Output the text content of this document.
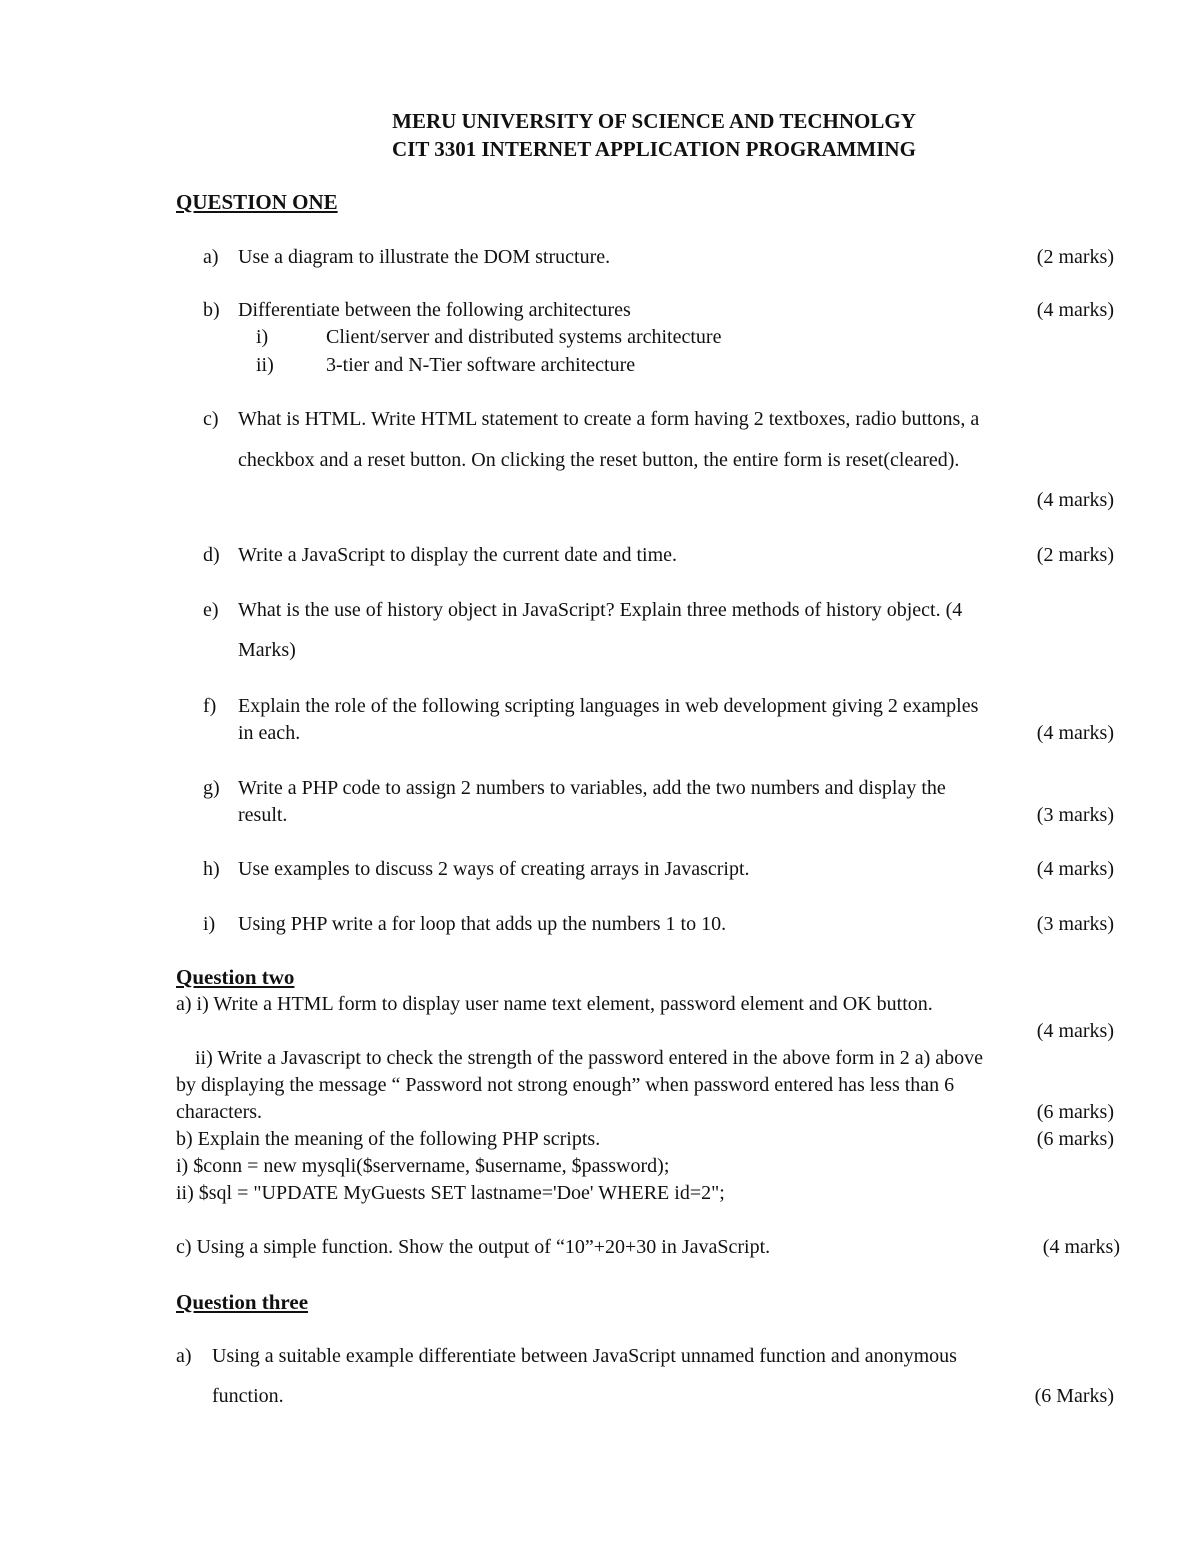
MERU UNIVERSITY OF SCIENCE AND TECHNOLGY
CIT 3301 INTERNET APPLICATION PROGRAMMING
QUESTION ONE
a) Use a diagram to illustrate the DOM structure.	(2 marks)
b) Differentiate between the following architectures	(4 marks)
i)	Client/server and distributed systems architecture
ii)	3-tier and N-Tier software architecture
c) What is HTML. Write HTML statement to create a form having 2 textboxes, radio buttons, a
checkbox and a reset button. On clicking the reset button, the entire form is reset(cleared).
(4 marks)
d) Write a JavaScript to display the current date and time.	(2 marks)
e) What is the use of history object in JavaScript? Explain three methods of history object. (4
Marks)
f) Explain the role of the following scripting languages in web development giving 2 examples
in each.	(4 marks)
g) Write a PHP code to assign 2 numbers to variables, add the two numbers and display the
result.	(3 marks)
h) Use examples to discuss 2 ways of creating arrays in Javascript.	(4 marks)
i) Using PHP write a for loop that adds up the numbers 1 to 10.	(3 marks)
Question two
a) i) Write a HTML form to display user name text element, password element and OK button.
(4 marks)
ii) Write a Javascript to check the strength of the password entered in the above form in 2 a) above
by displaying the message “ Password not strong enough” when password entered has less than 6
characters.	(6 marks)
b) Explain the meaning of the following PHP scripts.	(6 marks)
i) $conn = new mysqli($servername, $username, $password);
ii) $sql = "UPDATE MyGuests SET lastname='Doe' WHERE id=2";
c) Using a simple function. Show the output of “10”+20+30 in JavaScript.	(4 marks)
Question three
a) Using a suitable example differentiate between JavaScript unnamed function and anonymous
function.	(6 Marks)
